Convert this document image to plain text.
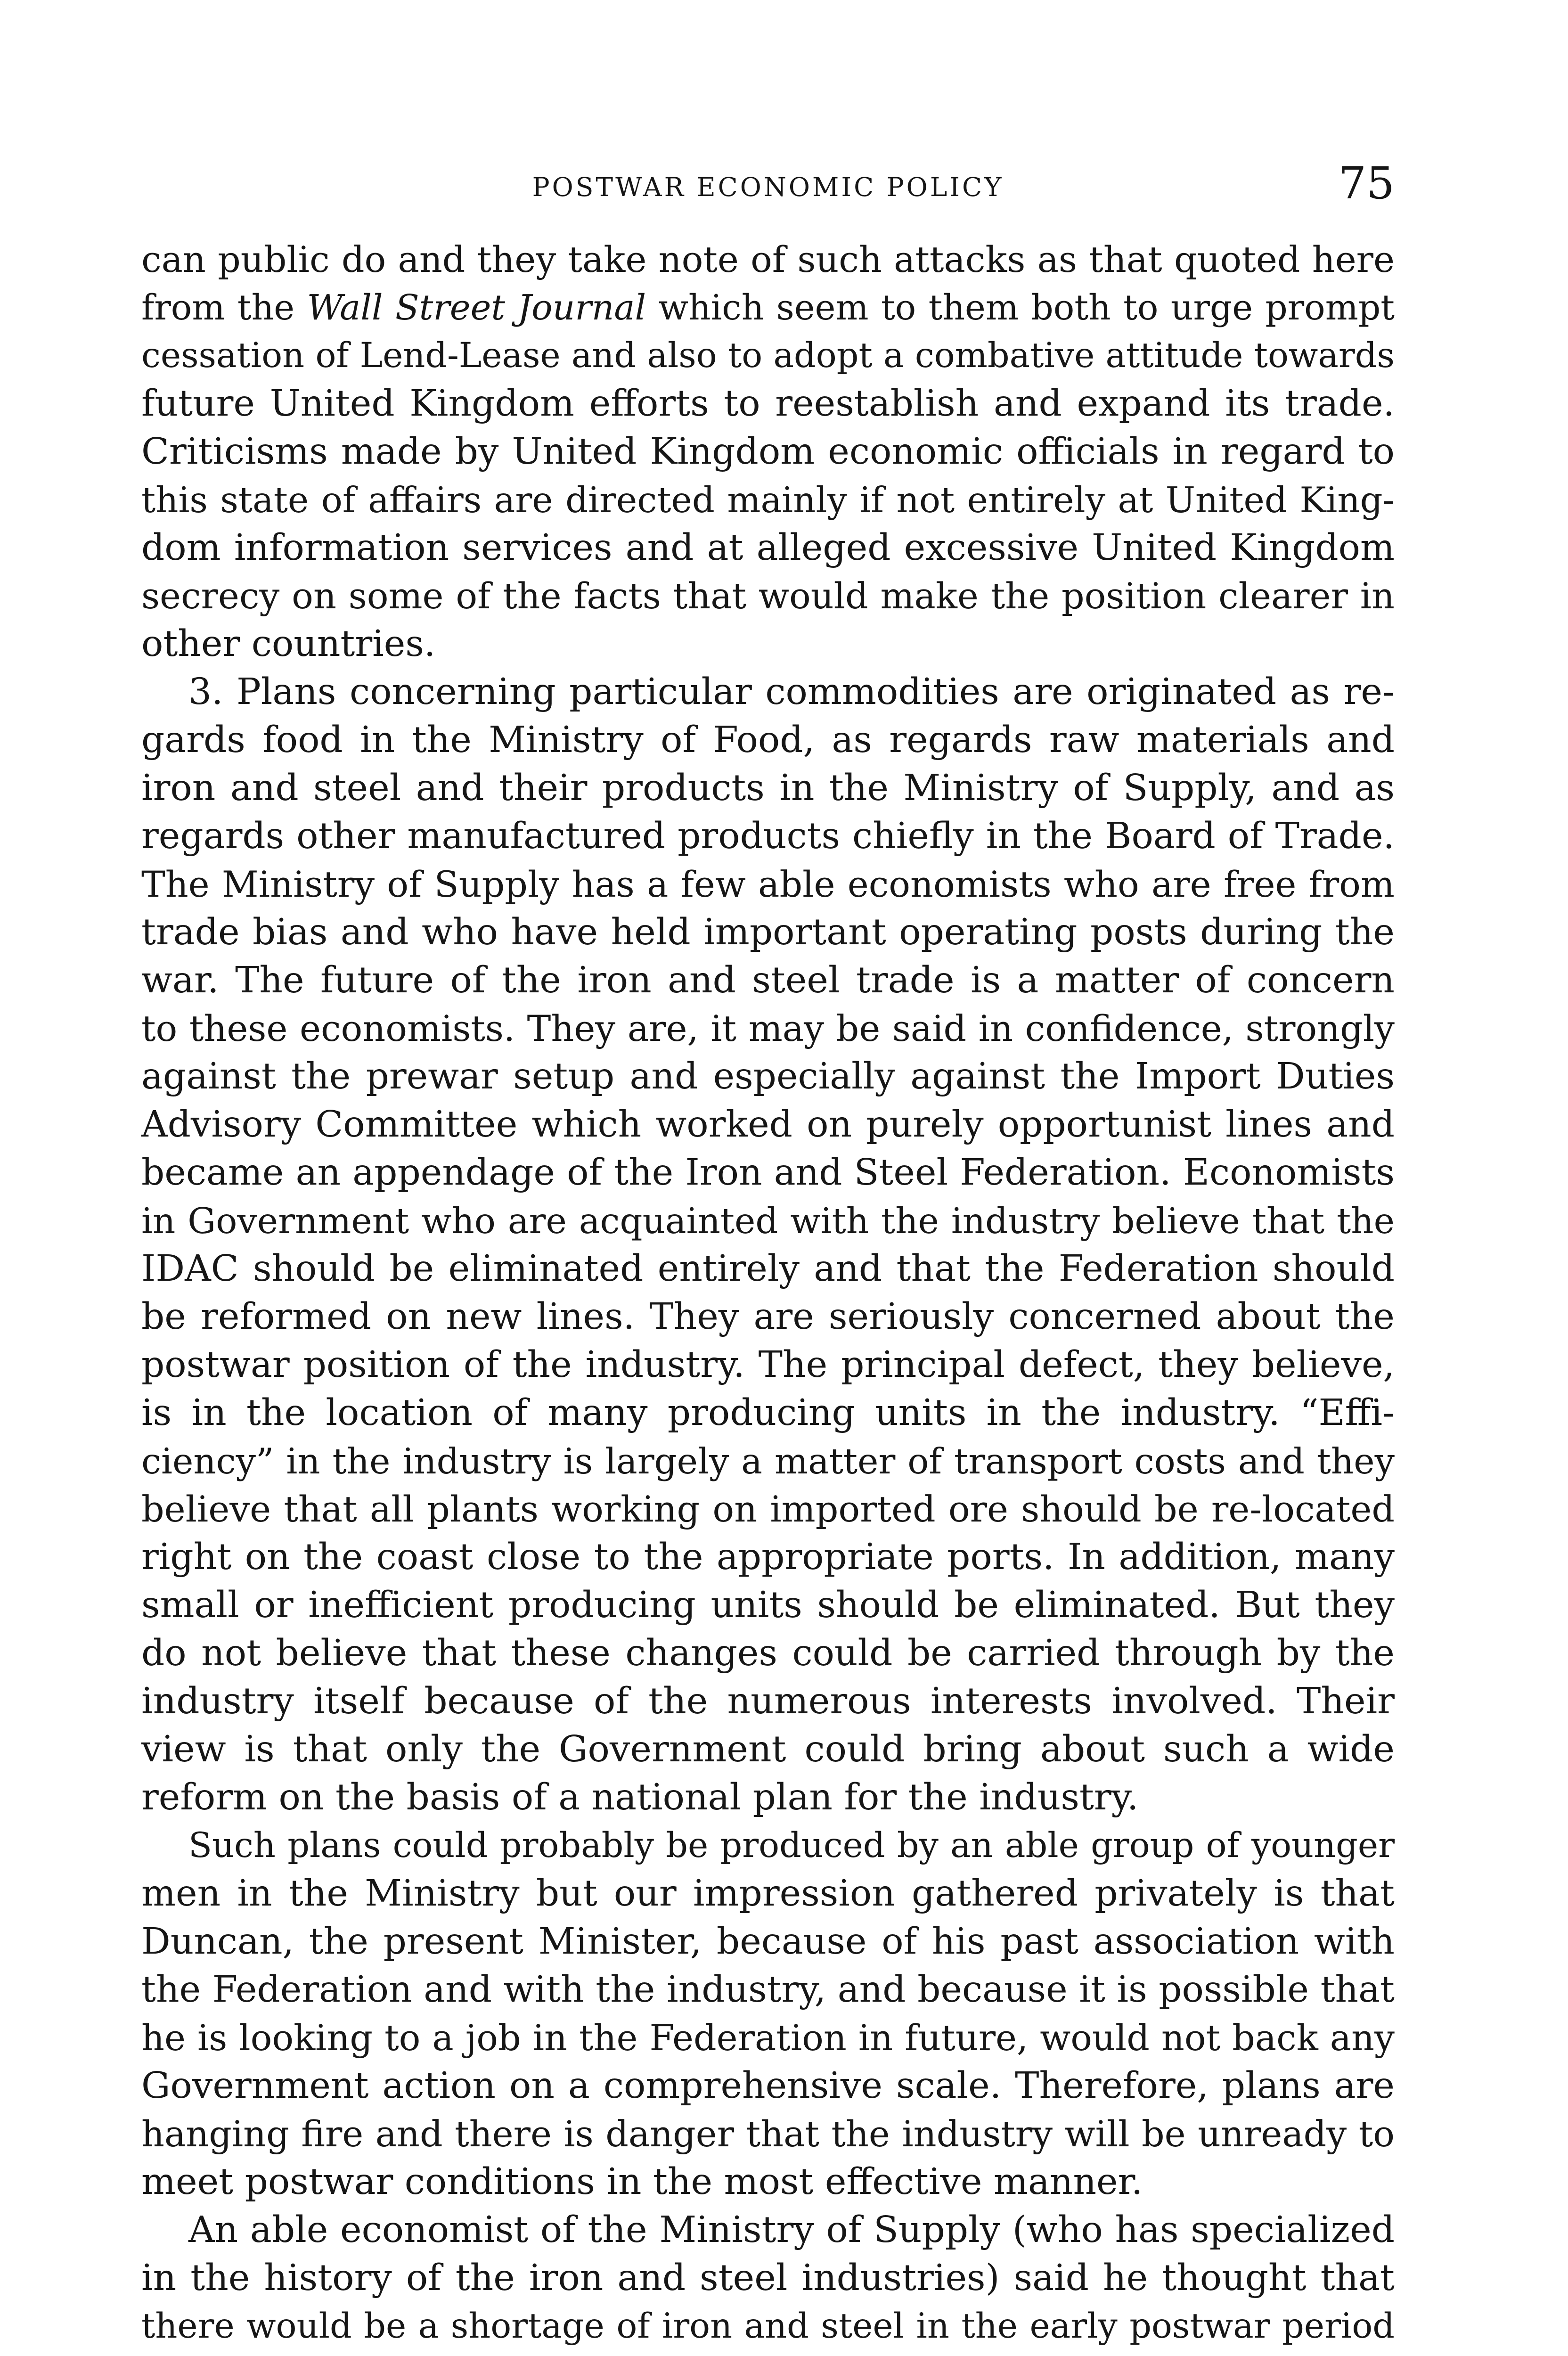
POSTWAR ECONOMIC POLICY	75
can public do and they take note of such attacks as that quoted here
from the Wall Street Journal which seem to them both to urge prompt
cessation of Lend-Lease and also to adopt a combative attitude towards
future United Kingdom efforts to reestablish and expand its trade.
Criticisms made by United Kingdom economic officials in regard to
this state of affairs are directed mainly if not entirely at United King-
dom information services and at alleged excessive United Kingdom
secrecy on some of the facts that would make the position clearer in
other countries.
3. Plans concerning particular commodities are originated as re-
gards food in the Ministry of Food, as regards raw materials and
iron and steel and their products in the Ministry of Supply, and as
regards other manufactured products chiefly in the Board of Trade.
The Ministry of Supply has a few able economists who are free from
trade bias and who have held important operating posts during the
war. The future of the iron and steel trade is a matter of concern
to these economists. They are, it may be said in confidence, strongly
against the prewar setup and especially against the Import Duties
Advisory Committee which worked on purely opportunist lines and
became an appendage of the Iron and Steel Federation. Economists
in Government who are acquainted with the industry believe that the
IDAC should be eliminated entirely and that the Federation should
be reformed on new lines. They are seriously concerned about the
postwar position of the industry. The principal defect, they believe,
is in the location of many producing units in the industry. “Effi-
ciency” in the industry is largely a matter of transport costs and they
believe that all plants working on imported ore should be re-located
right on the coast close to the appropriate ports. In addition, many
small or inefficient producing units should be eliminated. But they
do not believe that these changes could be carried through by the
industry itself because of the numerous interests involved. Their
view is that only the Government could bring about such a wide
reform on the basis of a national plan for the industry.
Such plans could probably be produced by an able group of younger
men in the Ministry but our impression gathered privately is that
Duncan, the present Minister, because of his past association with
the Federation and with the industry, and because it is possible that
he is looking to a job in the Federation in future, would not back any
Government action on a comprehensive scale. Therefore, plans are
hanging fire and there is danger that the industry will be unready to
meet postwar conditions in the most effective manner.
An able economist of the Ministry of Supply (who has specialized
in the history of the iron and steel industries) said he thought that
there would be a shortage of iron and steel in the early postwar period
